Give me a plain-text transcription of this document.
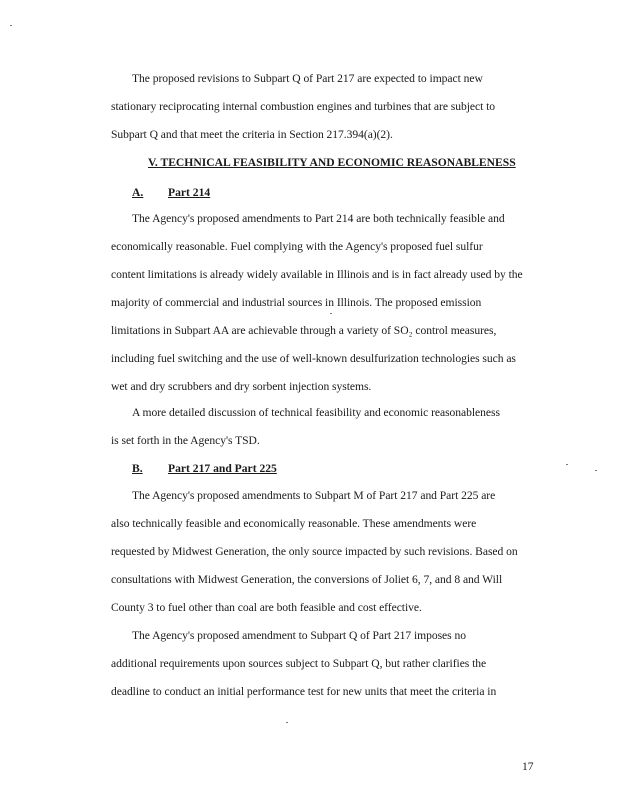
The proposed revisions to Subpart Q of Part 217 are expected to impact new
stationary reciprocating internal combustion engines and turbines that are subject to
Subpart Q and that meet the criteria in Section 217.394(a)(2).
V. TECHNICAL FEASIBILITY AND ECONOMIC REASONABLENESS
A. Part 214
The Agency's proposed amendments to Part 214 are both technically feasible and
economically reasonable. Fuel complying with the Agency's proposed fuel sulfur
content limitations is already widely available in Illinois and is in fact already used by the
majority of commercial and industrial sources in Illinois. The proposed emission
limitations in Subpart AA are achievable through a variety of SO₂ control measures,
including fuel switching and the use of well-known desulfurization technologies such as
wet and dry scrubbers and dry sorbent injection systems.
A more detailed discussion of technical feasibility and economic reasonableness
is set forth in the Agency's TSD.
B. Part 217 and Part 225
The Agency's proposed amendments to Subpart M of Part 217 and Part 225 are
also technically feasible and economically reasonable. These amendments were
requested by Midwest Generation, the only source impacted by such revisions. Based on
consultations with Midwest Generation, the conversions of Joliet 6, 7, and 8 and Will
County 3 to fuel other than coal are both feasible and cost effective.
The Agency's proposed amendment to Subpart Q of Part 217 imposes no
additional requirements upon sources subject to Subpart Q, but rather clarifies the
deadline to conduct an initial performance test for new units that meet the criteria in
17
